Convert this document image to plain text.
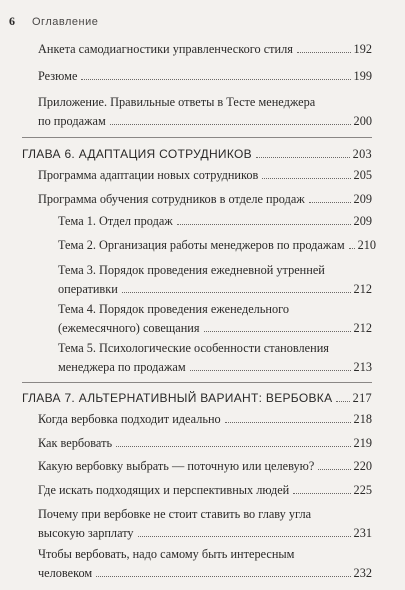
6 Оглавление
Анкета самодиагностики управленческого стиля	192
Резюме	199
Приложение. Правильные ответы в Тесте менеджера
по продажам	200
ГЛАВА 6. АДАПТАЦИЯ СОТРУДНИКОВ	203
Программа адаптации новых сотрудников	205
Программа обучения сотрудников в отделе продаж	209
Тема 1. Отдел продаж	209
Тема 2. Организация работы менеджеров по продажам 210
Тема 3. Порядок проведения ежедневной утренней
оперативки	212
Тема 4. Порядок проведения еженедельного
(ежемесячного) совещания	212
Тема 5. Психологические особенности становления
менеджера по продажам	213
ГЛАВА 7. АЛЬТЕРНАТИВНЫЙ ВАРИАНТ: ВЕРБОВКА 217
Когда вербовка подходит идеально	218
Как вербовать	219
Какую вербовку выбрать — поточную или целевую?	220
Где искать подходящих и перспективных людей	225
Почему при вербовке не стоит ставить во главу угла
высокую зарплату	231
Чтобы вербовать, надо самому быть интересным
человеком	232
